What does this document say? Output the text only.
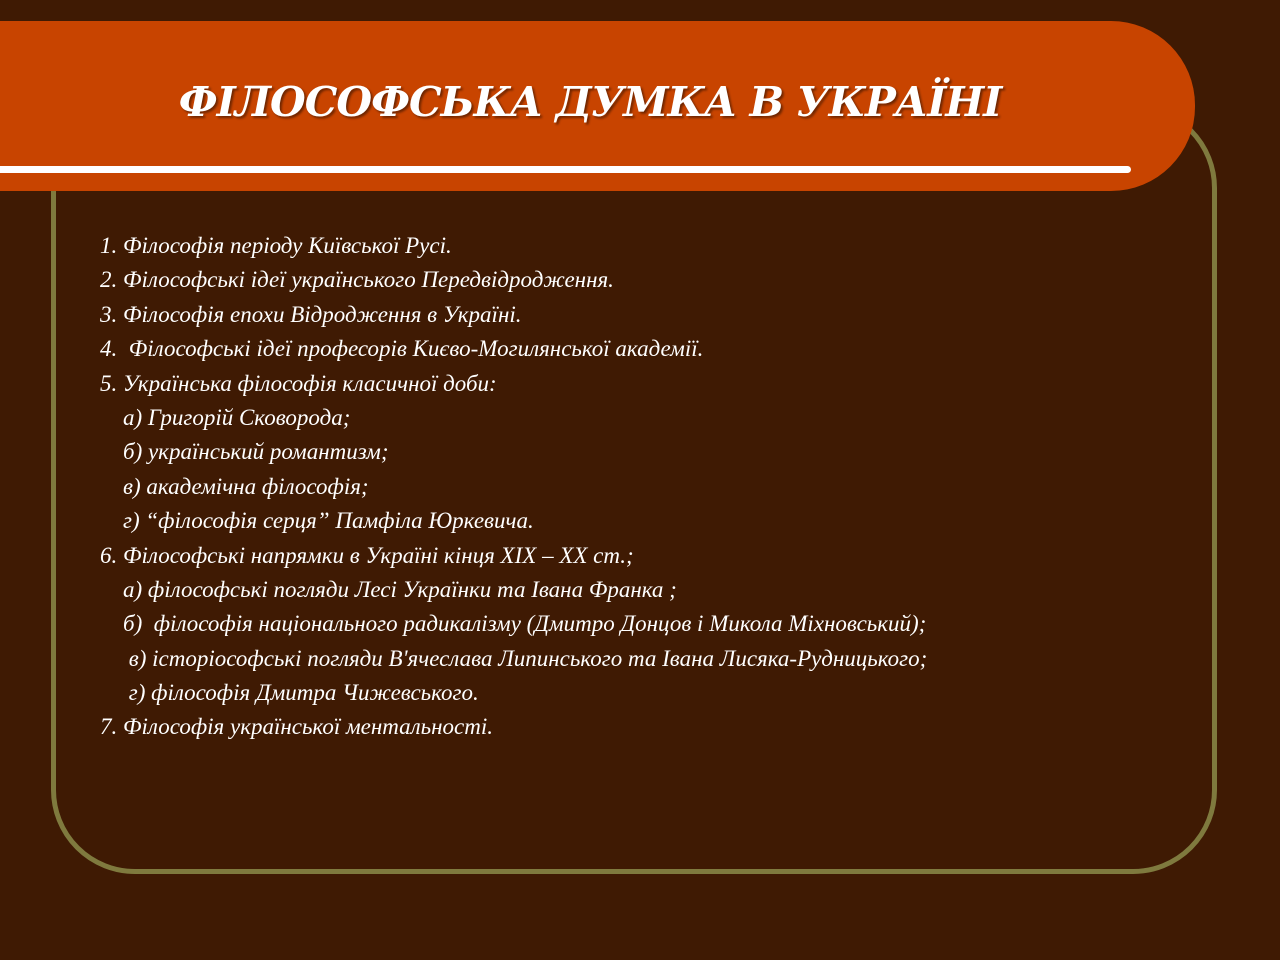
ФІЛОСОФСЬКА ДУМКА В УКРАЇНІ
1. Філософія періоду Київської Русі.
2. Філософські ідеї українського Передвідродження.
3. Філософія епохи Відродження в Україні.
4.  Філософські ідеї професорів Києво-Могилянської академії.
5. Українська філософія класичної доби:
а) Григорій Сковорода;
б) український романтизм;
в) академічна філософія;
г) “філософія серця” Памфіла Юркевича.
6. Філософські напрямки в Україні кінця ХІХ – ХХ ст.;
а) філософські погляди Лесі Українки та Івана Франка ;
б)  філософія національного радикалізму (Дмитро Донцов і Микола Міхновський);
в) історіософські погляди В'ячеслава Липинського та Івана Лисяка-Рудницького;
г) філософія Дмитра Чижевського.
7. Філософія української ментальності.
